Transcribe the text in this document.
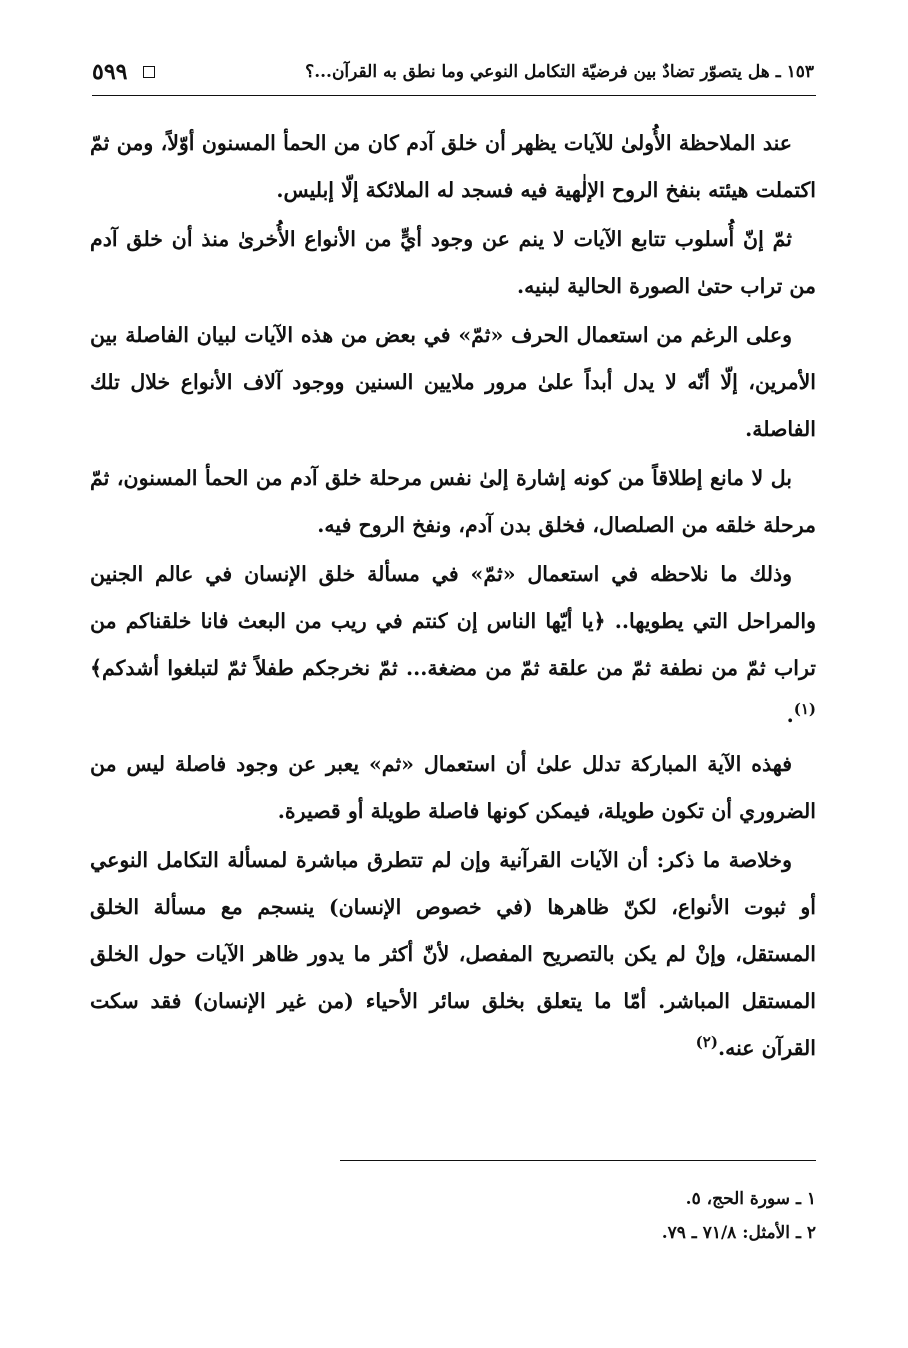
١٥٣ ـ هل يتصوّر تضادٌ بين فرضيّة التكامل النوعي وما نطق به القرآن...؟
٥٩٩

عند الملاحظة الأُولىٰ للآيات يظهر أن خلق آدم كان من الحمأ المسنون أوّلاً، ومن ثمّ اكتملت هيئته بنفخ الروح الإلٰهية فيه فسجد له الملائكة إلّا إبليس.

ثمّ إنّ أُسلوب تتابع الآيات لا ينم عن وجود أيٍّ من الأنواع الأُخرىٰ منذ أن خلق آدم من تراب حتىٰ الصورة الحالية لبنيه.

وعلى الرغم من استعمال الحرف «ثمّ» في بعض من هذه الآيات لبيان الفاصلة بين الأمرين، إلّا أنّه لا يدل أبداً علىٰ مرور ملايين السنين ووجود آلاف الأنواع خلال تلك الفاصلة.

بل لا مانع إطلاقاً من كونه إشارة إلىٰ نفس مرحلة خلق آدم من الحمأ المسنون، ثمّ مرحلة خلقه من الصلصال، فخلق بدن آدم، ونفخ الروح فيه.

وذلك ما نلاحظه في استعمال «ثمّ» في مسألة خلق الإنسان في عالم الجنين والمراحل التي يطويها.. ﴿يا أيّها الناس إن كنتم في ريب من البعث فانا خلقناكم من تراب ثمّ من نطفة ثمّ من علقة ثمّ من مضغة... ثمّ نخرجكم طفلاً ثمّ لتبلغوا أشدكم﴾$^{(١)}$.

فهذه الآية المباركة تدلل علىٰ أن استعمال «ثم» يعبر عن وجود فاصلة ليس من الضروري أن تكون طويلة، فيمكن كونها فاصلة طويلة أو قصيرة.

وخلاصة ما ذكر: أن الآيات القرآنية وإن لم تتطرق مباشرة لمسألة التكامل النوعي أو ثبوت الأنواع، لكنّ ظاهرها (في خصوص الإنسان) ينسجم مع مسألة الخلق المستقل، وإنْ لم يكن بالتصريح المفصل، لأنّ أكثر ما يدور ظاهر الآيات حول الخلق المستقل المباشر. أمّا ما يتعلق بخلق سائر الأحياء (من غير الإنسان) فقد سكت القرآن عنه.$^{(٢)}$

١ ـ سورة الحج، ٥.
٢ ـ الأمثل: ٧١/٨ ـ ٧٩.
